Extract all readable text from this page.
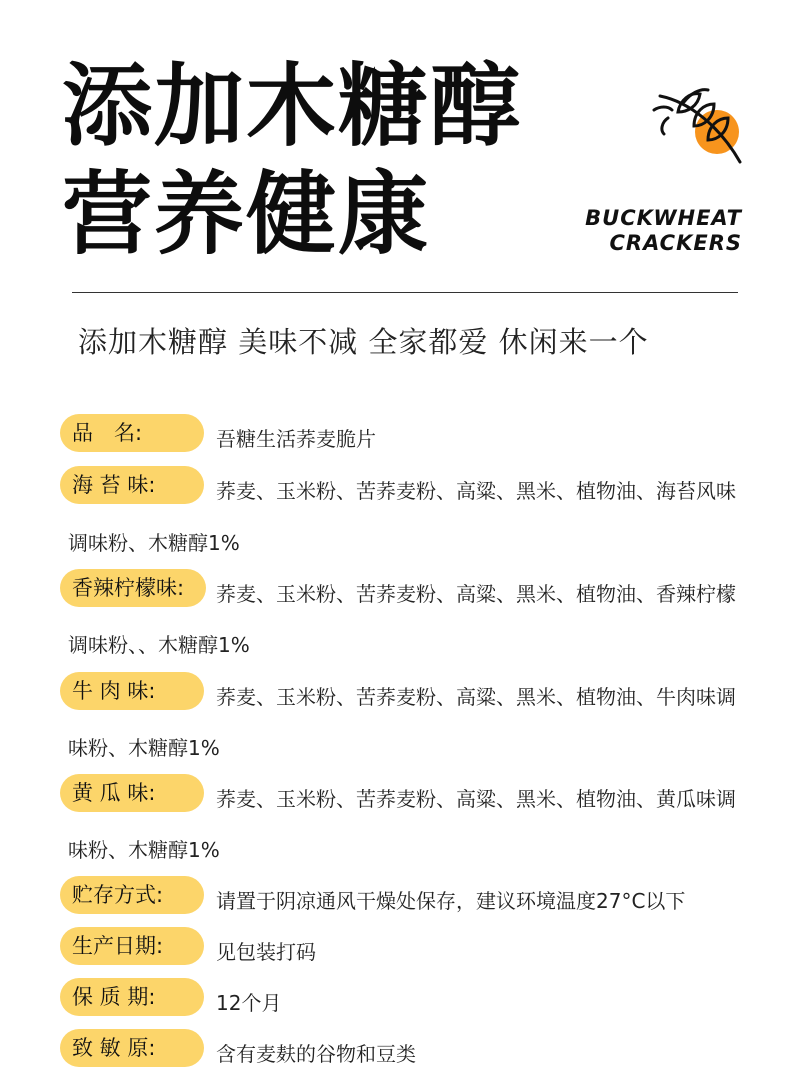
添加木糖醇
营养健康	BUCKWHEAT
CRACKERS

添加木糖醇 美味不减 全家都爱 休闲来一个

品　名:	吾糖生活荞麦脆片
海 苔 味:	荞麦、玉米粉、苦荞麦粉、高粱、黑米、植物油、海苔风味
调味粉、木糖醇1%
香辣柠檬味:	荞麦、玉米粉、苦荞麦粉、高粱、黑米、植物油、香辣柠檬
调味粉、、木糖醇1%
牛 肉 味:	荞麦、玉米粉、苦荞麦粉、高粱、黑米、植物油、牛肉味调
味粉、木糖醇1%
黄 瓜 味:	荞麦、玉米粉、苦荞麦粉、高粱、黑米、植物油、黄瓜味调
味粉、木糖醇1%
贮存方式:	请置于阴凉通风干燥处保存，建议环境温度27°C以下
生产日期:	见包装打码
保 质 期:	12个月
致 敏 原:	含有麦麸的谷物和豆类
